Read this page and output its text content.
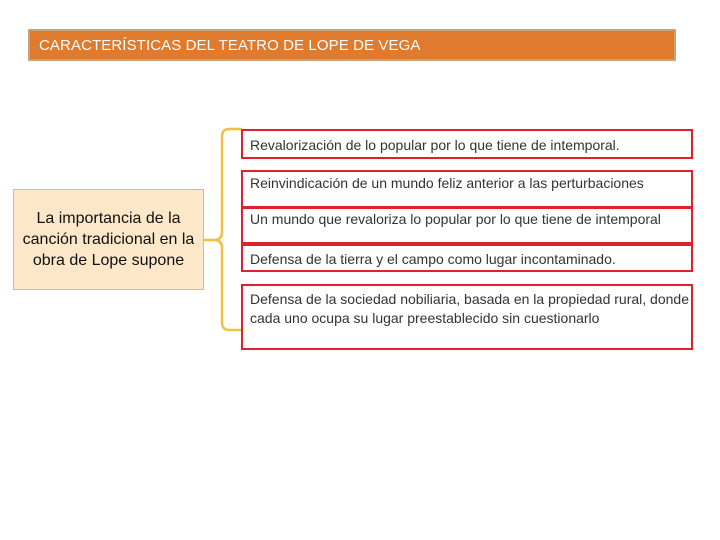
CARACTERÍSTICAS DEL TEATRO DE LOPE DE VEGA
La importancia de la canción tradicional en la obra de Lope supone
Revalorización de lo popular por lo que tiene de intemporal.
Reinvindicación de un mundo feliz anterior a las perturbaciones
Un mundo que revaloriza lo popular por lo que tiene de intemporal
Defensa de la tierra y el campo como lugar incontaminado.
Defensa de la sociedad nobiliaria, basada en la propiedad rural, donde cada uno ocupa su lugar preestablecido sin cuestionarlo
